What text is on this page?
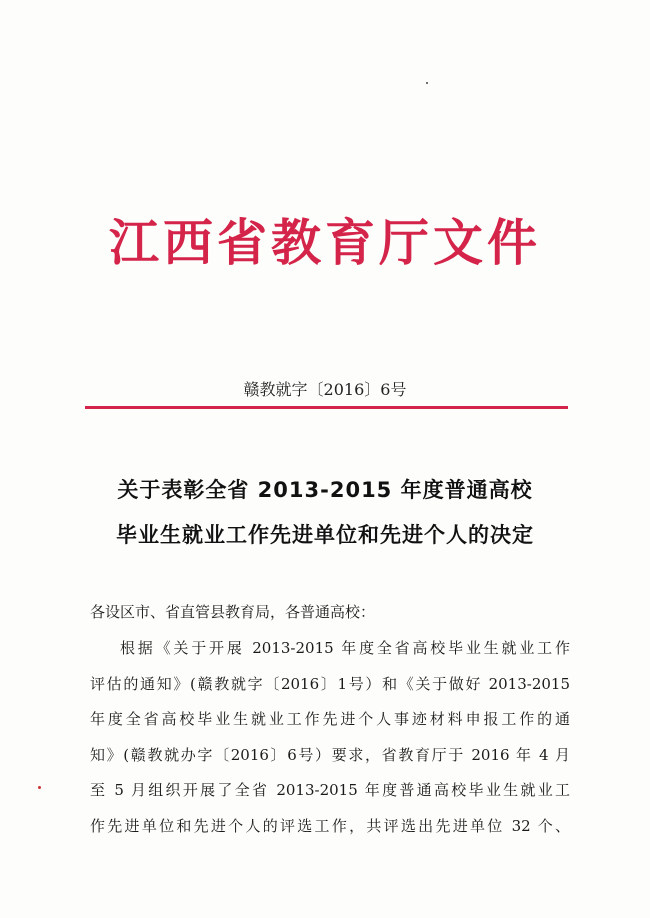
江西省教育厅文件
赣教就字〔2016〕6号
关于表彰全省 2013-2015 年度普通高校
毕业生就业工作先进单位和先进个人的决定
各设区市、省直管县教育局，各普通高校：
根据《关于开展 2013-2015 年度全省高校毕业生就业工作
评估的通知》(赣教就字〔2016〕1号）和《关于做好 2013-2015
年度全省高校毕业生就业工作先进个人事迹材料申报工作的通
知》(赣教就办字〔2016〕6号）要求，省教育厅于 2016 年 4 月
至 5 月组织开展了全省 2013-2015 年度普通高校毕业生就业工
作先进单位和先进个人的评选工作，共评选出先进单位 32 个、
